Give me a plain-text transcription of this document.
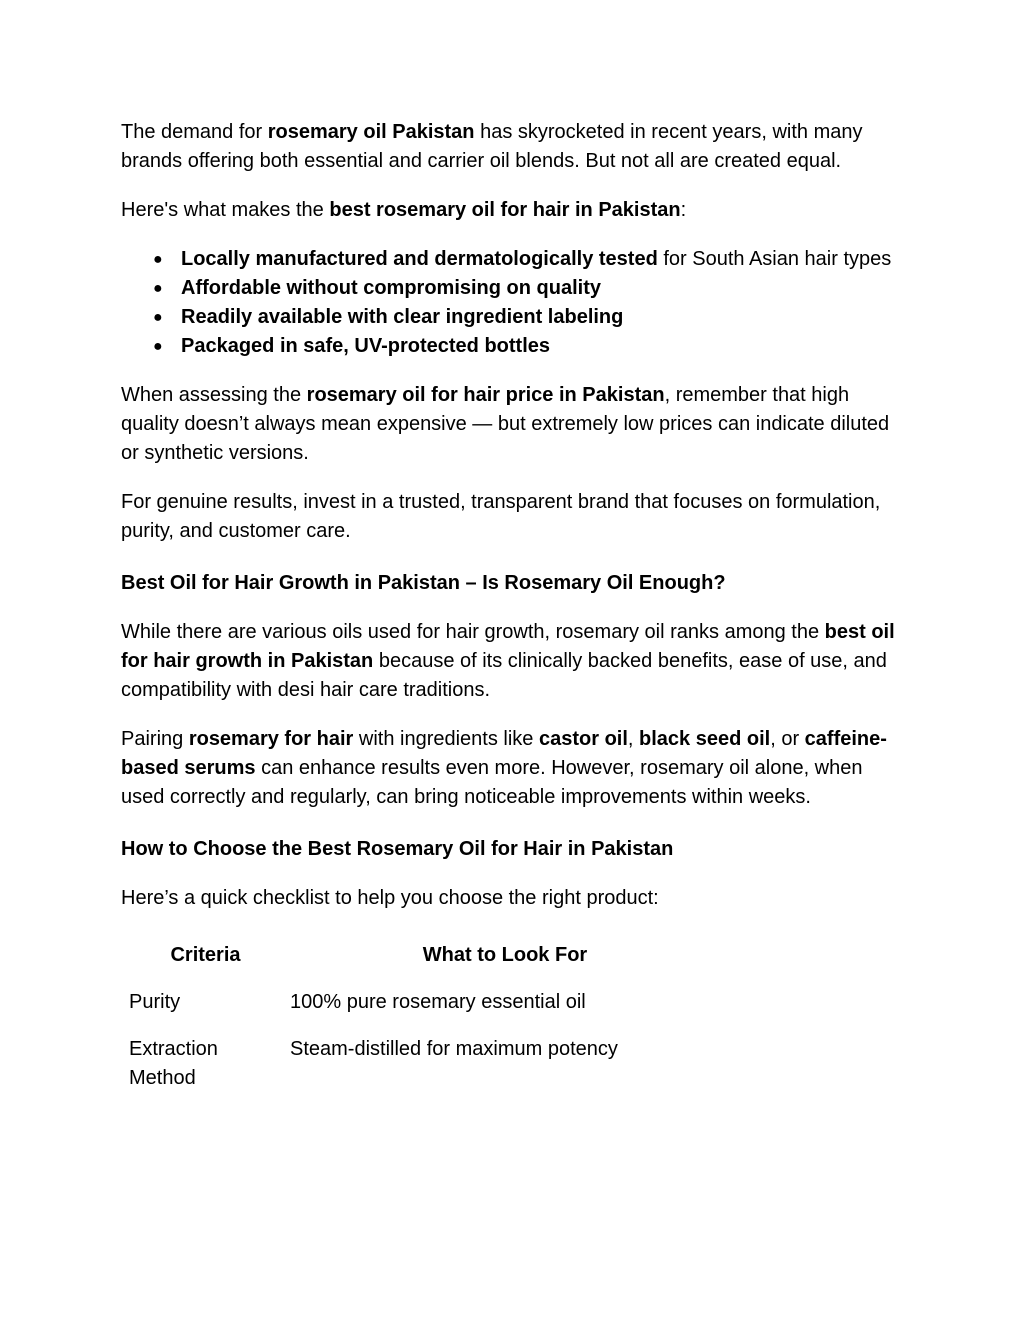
The demand for rosemary oil Pakistan has skyrocketed in recent years, with many brands offering both essential and carrier oil blends. But not all are created equal.

Here's what makes the best rosemary oil for hair in Pakistan:

● Locally manufactured and dermatologically tested for South Asian hair types
● Affordable without compromising on quality
● Readily available with clear ingredient labeling
● Packaged in safe, UV-protected bottles

When assessing the rosemary oil for hair price in Pakistan, remember that high quality doesn’t always mean expensive — but extremely low prices can indicate diluted or synthetic versions.

For genuine results, invest in a trusted, transparent brand that focuses on formulation, purity, and customer care.

Best Oil for Hair Growth in Pakistan – Is Rosemary Oil Enough?

While there are various oils used for hair growth, rosemary oil ranks among the best oil for hair growth in Pakistan because of its clinically backed benefits, ease of use, and compatibility with desi hair care traditions.

Pairing rosemary for hair with ingredients like castor oil, black seed oil, or caffeine-based serums can enhance results even more. However, rosemary oil alone, when used correctly and regularly, can bring noticeable improvements within weeks.

How to Choose the Best Rosemary Oil for Hair in Pakistan

Here’s a quick checklist to help you choose the right product:

Criteria	What to Look For
Purity	100% pure rosemary essential oil
Extraction Method	Steam-distilled for maximum potency
